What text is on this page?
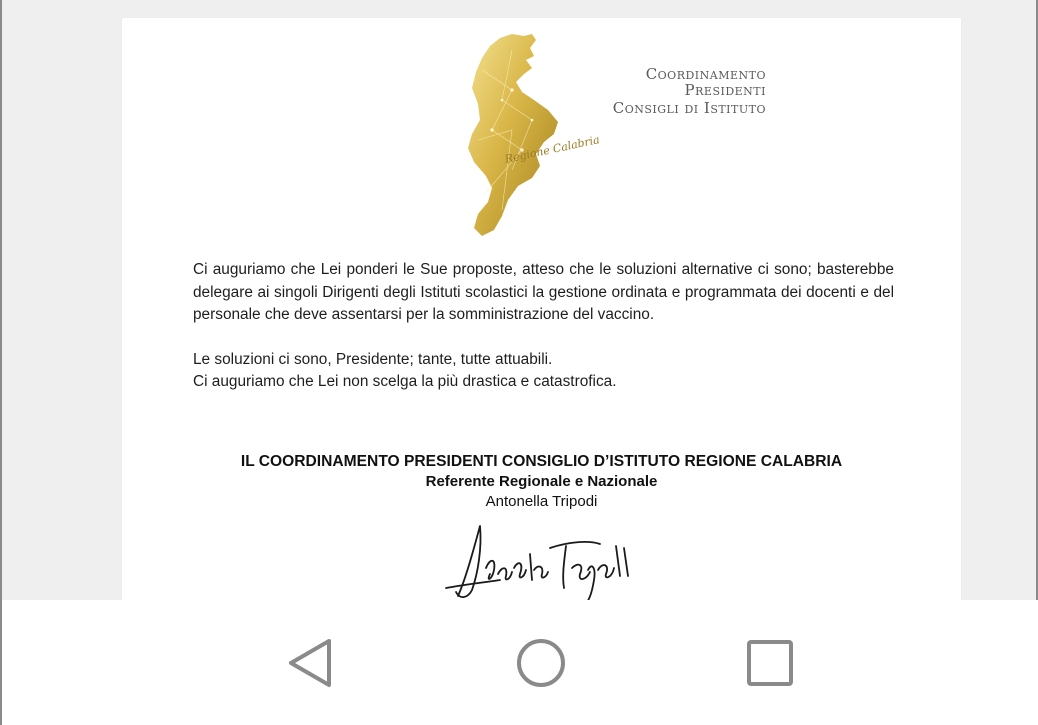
Coordinamento
Presidenti
Consigli di Istituto
Regione Calabria

Ci auguriamo che Lei ponderi le Sue proposte, atteso che le soluzioni alternative ci sono; basterebbe delegare ai singoli Dirigenti degli Istituti scolastici la gestione ordinata e programmata dei docenti e del personale che deve assentarsi per la somministrazione del vaccino.

Le soluzioni ci sono, Presidente; tante, tutte attuabili.
Ci auguriamo che Lei non scelga la più drastica e catastrofica.
IL COORDINAMENTO PRESIDENTI CONSIGLIO D’ISTITUTO REGIONE CALABRIA
Referente Regionale e Nazionale
Antonella Tripodi
